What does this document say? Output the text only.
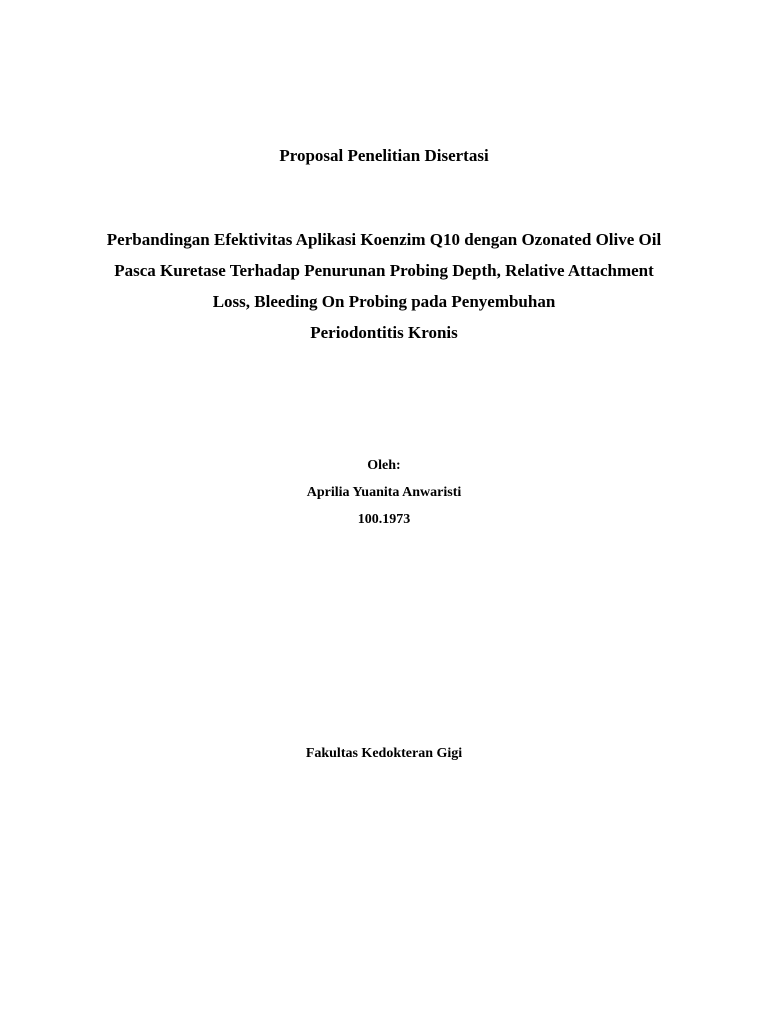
Proposal Penelitian Disertasi

Perbandingan Efektivitas Aplikasi Koenzim Q10 dengan Ozonated Olive Oil
Pasca Kuretase Terhadap Penurunan Probing Depth, Relative Attachment
Loss, Bleeding On Probing pada Penyembuhan
Periodontitis Kronis
Oleh:
Aprilia Yuanita Anwaristi
100.1973

Fakultas Kedokteran Gigi
